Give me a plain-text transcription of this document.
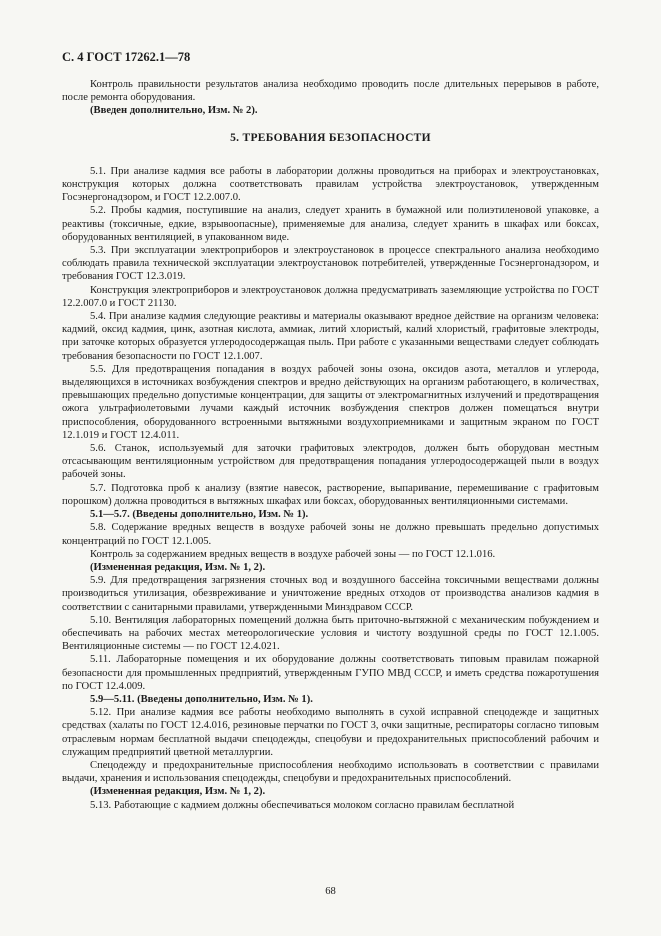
С. 4 ГОСТ 17262.1—78

Контроль правильности результатов анализа необходимо проводить после длительных перерывов в работе, после ремонта оборудования.

(Введен дополнительно, Изм. № 2).

5. ТРЕБОВАНИЯ БЕЗОПАСНОСТИ

5.1. При анализе кадмия все работы в лаборатории должны проводиться на приборах и электроустановках, конструкция которых должна соответствовать правилам устройства электроустановок, утвержденным Госэнергонадзором, и ГОСТ 12.2.007.0.

5.2. Пробы кадмия, поступившие на анализ, следует хранить в бумажной или полиэтиленовой упаковке, а реактивы (токсичные, едкие, взрывоопасные), применяемые для анализа, следует хранить в шкафах или боксах, оборудованных вентиляцией, в упакованном виде.

5.3. При эксплуатации электроприборов и электроустановок в процессе спектрального анализа необходимо соблюдать правила технической эксплуатации электроустановок потребителей, утвержденные Госэнергонадзором, и требования ГОСТ 12.3.019.

Конструкция электроприборов и электроустановок должна предусматривать заземляющие устройства по ГОСТ 12.2.007.0 и ГОСТ 21130.

5.4. При анализе кадмия следующие реактивы и материалы оказывают вредное действие на организм человека: кадмий, оксид кадмия, цинк, азотная кислота, аммиак, литий хлористый, калий хлористый, графитовые электроды, при заточке которых образуется углеродосодержащая пыль. При работе с указанными веществами следует соблюдать требования безопасности по ГОСТ 12.1.007.

5.5. Для предотвращения попадания в воздух рабочей зоны озона, оксидов азота, металлов и углерода, выделяющихся в источниках возбуждения спектров и вредно действующих на организм работающего, в количествах, превышающих предельно допустимые концентрации, для защиты от электромагнитных излучений и предотвращения ожога ультрафиолетовыми лучами каждый источник возбуждения спектров должен помещаться внутри приспособления, оборудованного встроенными вытяжными воздухоприемниками и защитным экраном по ГОСТ 12.1.019 и ГОСТ 12.4.011.

5.6. Станок, используемый для заточки графитовых электродов, должен быть оборудован местным отсасывающим вентиляционным устройством для предотвращения попадания углеродосодержащей пыли в воздух рабочей зоны.

5.7. Подготовка проб к анализу (взятие навесок, растворение, выпаривание, перемешивание с графитовым порошком) должна проводиться в вытяжных шкафах или боксах, оборудованных вентиляционными системами.

5.1—5.7. (Введены дополнительно, Изм. № 1).

5.8. Содержание вредных веществ в воздухе рабочей зоны не должно превышать предельно допустимых концентраций по ГОСТ 12.1.005.

Контроль за содержанием вредных веществ в воздухе рабочей зоны — по ГОСТ 12.1.016.

(Измененная редакция, Изм. № 1, 2).

5.9. Для предотвращения загрязнения сточных вод и воздушного бассейна токсичными веществами должны производиться утилизация, обезвреживание и уничтожение вредных отходов от производства анализов кадмия в соответствии с санитарными правилами, утвержденными Минздравом СССР.

5.10. Вентиляция лабораторных помещений должна быть приточно-вытяжной с механическим побуждением и обеспечивать на рабочих местах метеорологические условия и чистоту воздушной среды по ГОСТ 12.1.005. Вентиляционные системы — по ГОСТ 12.4.021.

5.11. Лабораторные помещения и их оборудование должны соответствовать типовым правилам пожарной безопасности для промышленных предприятий, утвержденным ГУПО МВД СССР, и иметь средства пожаротушения по ГОСТ 12.4.009.

5.9—5.11. (Введены дополнительно, Изм. № 1).

5.12. При анализе кадмия все работы необходимо выполнять в сухой исправной спецодежде и защитных средствах (халаты по ГОСТ 12.4.016, резиновые перчатки по ГОСТ 3, очки защитные, респираторы согласно типовым отраслевым нормам бесплатной выдачи спецодежды, спецобуви и предохранительных приспособлений рабочим и служащим предприятий цветной металлургии.

Спецодежду и предохранительные приспособления необходимо использовать в соответствии с правилами выдачи, хранения и использования спецодежды, спецобуви и предохранительных приспособлений.

(Измененная редакция, Изм. № 1, 2).

5.13. Работающие с кадмием должны обеспечиваться молоком согласно правилам бесплатной

68
